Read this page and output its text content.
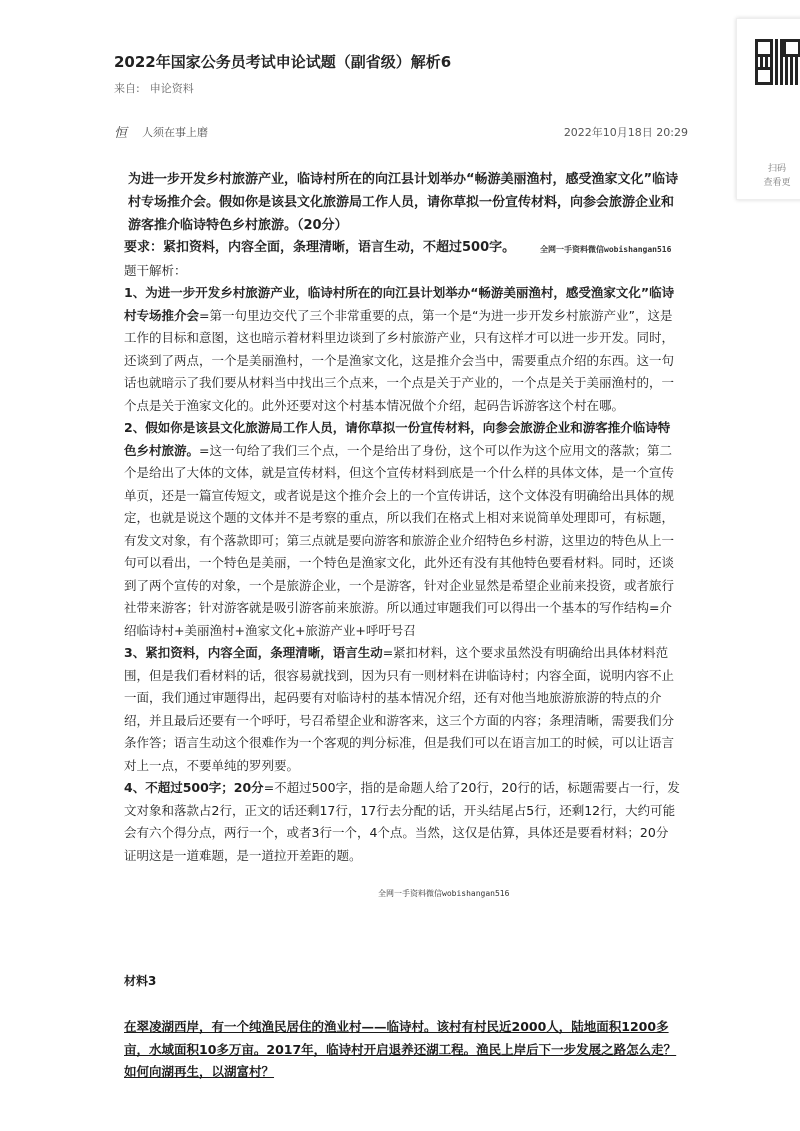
2022年国家公务员考试申论试题（副省级）解析6
来自: 申论资料
恒 人须在事上磨	2022年10月18日 20:29
扫码
查看更

为进一步开发乡村旅游产业，临诗村所在的向江县计划举办“畅游美丽渔村，感受渔家文化”临诗村专场推介会。假如你是该县文化旅游局工作人员，请你草拟一份宣传材料，向参会旅游企业和游客推介临诗特色乡村旅游。（20分）

要求：紧扣资料，内容全面，条理清晰，语言生动，不超过500字。	全网一手资料微信wobishangan516

题干解析：

1、为进一步开发乡村旅游产业，临诗村所在的向江县计划举办“畅游美丽渔村，感受渔家文化”临诗村专场推介会=第一句里边交代了三个非常重要的点，第一个是“为进一步开发乡村旅游产业”，这是工作的目标和意图，这也暗示着材料里边谈到了乡村旅游产业，只有这样才可以进一步开发。同时，还谈到了两点，一个是美丽渔村，一个是渔家文化，这是推介会当中，需要重点介绍的东西。这一句话也就暗示了我们要从材料当中找出三个点来，一个点是关于产业的，一个点是关于美丽渔村的，一个点是关于渔家文化的。此外还要对这个村基本情况做个介绍，起码告诉游客这个村在哪。

2、假如你是该县文化旅游局工作人员，请你草拟一份宣传材料，向参会旅游企业和游客推介临诗特色乡村旅游。=这一句给了我们三个点，一个是给出了身份，这个可以作为这个应用文的落款；第二个是给出了大体的文体，就是宣传材料，但这个宣传材料到底是一个什么样的具体文体，是一个宣传单页，还是一篇宣传短文，或者说是这个推介会上的一个宣传讲话，这个文体没有明确给出具体的规定，也就是说这个题的文体并不是考察的重点，所以我们在格式上相对来说简单处理即可，有标题，有发文对象，有个落款即可；第三点就是要向游客和旅游企业介绍特色乡村游，这里边的特色从上一句可以看出，一个特色是美丽，一个特色是渔家文化，此外还有没有其他特色要看材料。同时，还谈到了两个宣传的对象，一个是旅游企业，一个是游客，针对企业显然是希望企业前来投资，或者旅行社带来游客；针对游客就是吸引游客前来旅游。所以通过审题我们可以得出一个基本的写作结构=介绍临诗村+美丽渔村+渔家文化+旅游产业+呼吁号召

3、紧扣资料，内容全面，条理清晰，语言生动=紧扣材料，这个要求虽然没有明确给出具体材料范围，但是我们看材料的话，很容易就找到，因为只有一则材料在讲临诗村；内容全面，说明内容不止一面，我们通过审题得出，起码要有对临诗村的基本情况介绍，还有对他当地旅游旅游的特点的介绍，并且最后还要有一个呼吁，号召希望企业和游客来，这三个方面的内容；条理清晰，需要我们分条作答；语言生动这个很难作为一个客观的判分标准，但是我们可以在语言加工的时候，可以让语言对上一点，不要单纯的罗列要。

4、不超过500字；20分=不超过500字，指的是命题人给了20行，20行的话，标题需要占一行，发文对象和落款占2行，正文的话还剩17行，17行去分配的话，开头结尾占5行，还剩12行，大约可能会有六个得分点，两行一个，或者3行一个，4个点。当然，这仅是估算，具体还是要看材料；20分证明这是一道难题，是一道拉开差距的题。

全网一手资料微信wobishangan516
材料3
在翠凌湖西岸，有一个纯渔民居住的渔业村——临诗村。该村有村民近2000人，陆地面积1200多亩，水域面积10多万亩。2017年，临诗村开启退养还湖工程。渔民上岸后下一步发展之路怎么走？如何向湖再生，以湖富村？
